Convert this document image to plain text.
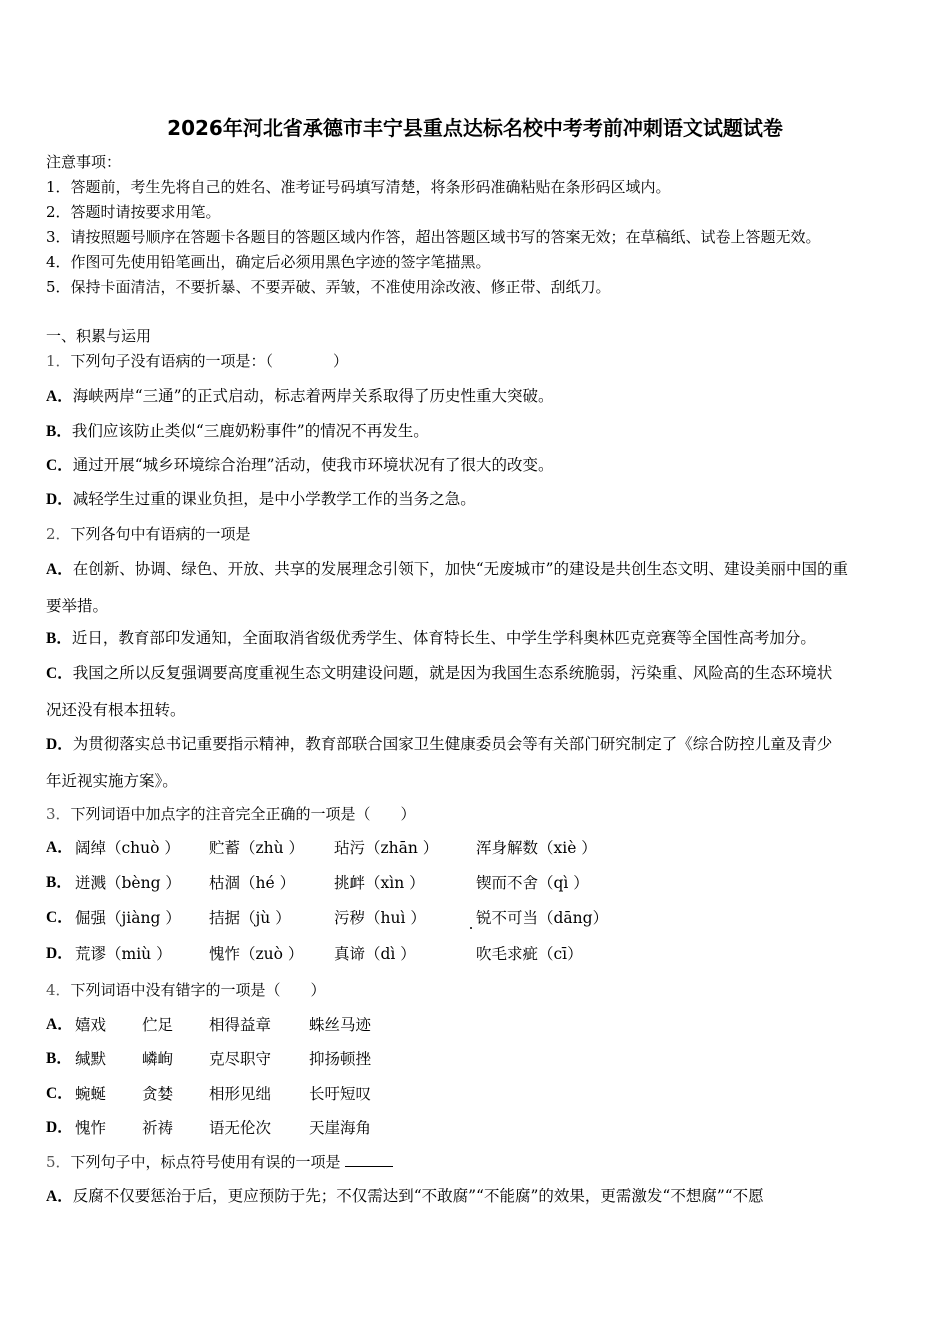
2026年河北省承德市丰宁县重点达标名校中考考前冲刺语文试题试卷
注意事项：
1．答题前，考生先将自己的姓名、准考证号码填写清楚，将条形码准确粘贴在条形码区域内。
2．答题时请按要求用笔。
3．请按照题号顺序在答题卡各题目的答题区域内作答，超出答题区域书写的答案无效；在草稿纸、试卷上答题无效。
4．作图可先使用铅笔画出，确定后必须用黑色字迹的签字笔描黑。
5．保持卡面清洁，不要折暴、不要弄破、弄皱，不准使用涂改液、修正带、刮纸刀。
一、积累与运用
1．下列句子没有语病的一项是：（　　　　）
A．海峡两岸“三通”的正式启动，标志着两岸关系取得了历史性重大突破。
B．我们应该防止类似“三鹿奶粉事件”的情况不再发生。
C．通过开展“城乡环境综合治理”活动，使我市环境状况有了很大的改变。
D．减轻学生过重的课业负担，是中小学教学工作的当务之急。
2．下列各句中有语病的一项是
A．在创新、协调、绿色、开放、共享的发展理念引领下，加快“无废城市”的建设是共创生态文明、建设美丽中国的重
要举措。
B．近日，教育部印发通知，全面取消省级优秀学生、体育特长生、中学生学科奥林匹克竞赛等全国性高考加分。
C．我国之所以反复强调要高度重视生态文明建设问题，就是因为我国生态系统脆弱，污染重、风险高的生态环境状
况还没有根本扭转。
D．为贯彻落实总书记重要指示精神，教育部联合国家卫生健康委员会等有关部门研究制定了《综合防控儿童及青少
年近视实施方案》。
3．下列词语中加点字的注音完全正确的一项是（　　）
A． 阔绰（chuò ） 贮蓄（zhù ） 玷污（zhān ） 浑身解数（xiè ）
B． 迸溅（bèng ） 枯涸（hé ）	挑衅（xìn ）	锲而不舍（qì ）
C． 倔强（jiàng ） 拮据（jù ）	污秽（huì ）	锐不可当（dāng）
D． 荒谬（miù ） 愧怍（zuò ） 真谛（dì ）	吹毛求疵（cī）
4．下列词语中没有错字的一项是（　　）
A． 嬉戏 伫足 相得益章 蛛丝马迹
B． 缄默 嶙峋 克尽职守 抑扬顿挫
C． 蜿蜒 贪婪 相形见绌 长吁短叹
D． 愧怍 祈祷 语无伦次 天崖海角
5．下列句子中，标点符号使用有误的一项是
A．反腐不仅要惩治于后，更应预防于先；不仅需达到“不敢腐”“不能腐”的效果，更需激发“不想腐”“不愿
